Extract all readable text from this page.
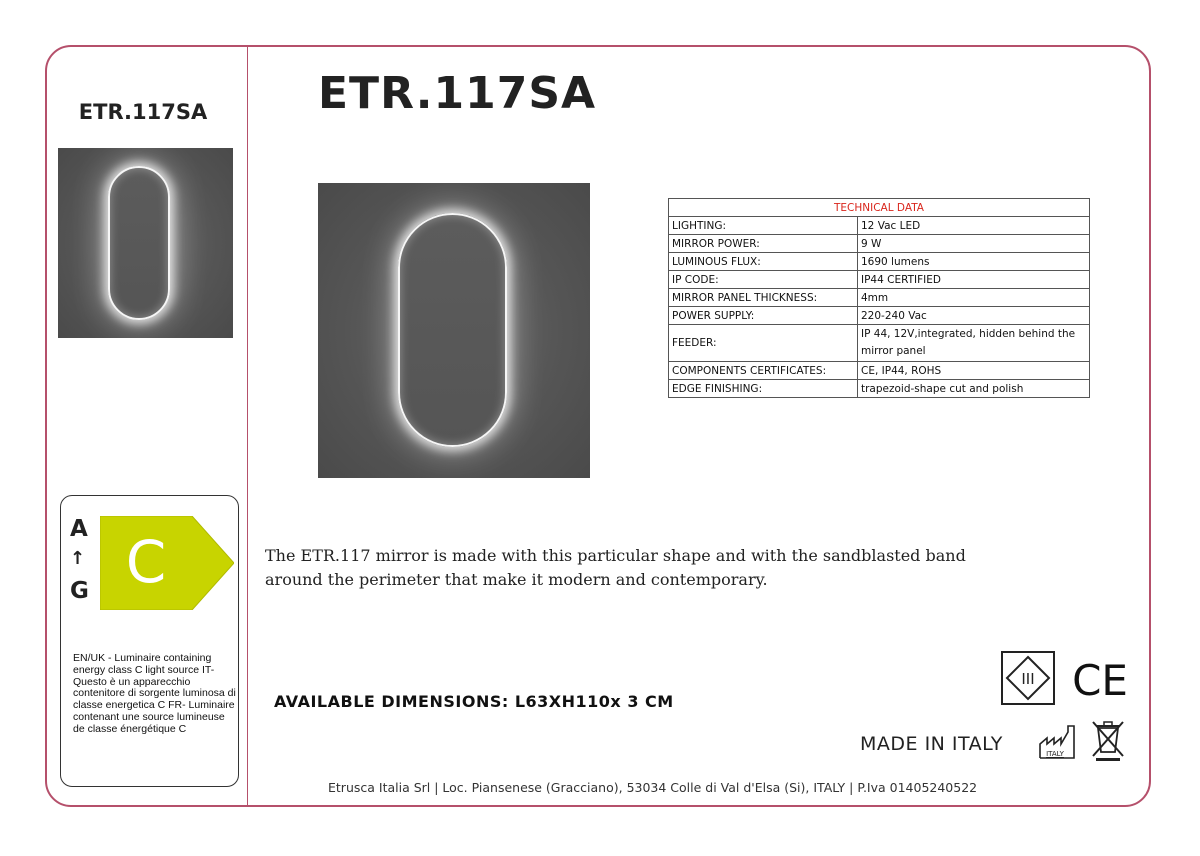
ETR.117SA
A
↑
G C
EN/UK - Luminaire containing energy class C light source IT- Questo è un apparecchio contenitore di sorgente luminosa di classe energetica C FR- Luminaire contenant une source lumineuse de classe énergétique C
ETR.117SA
TECHNICAL DATA	
LIGHTING:	12 Vac LED
MIRROR POWER:	9 W
LUMINOUS FLUX:	1690 lumens
IP CODE:	IP44 CERTIFIED
MIRROR PANEL THICKNESS:	4mm
POWER SUPPLY:	220-240 Vac
FEEDER:	IP 44, 12V,integrated, hidden behind the mirror panel
COMPONENTS CERTIFICATES:	CE, IP44, ROHS
EDGE FINISHING:	trapezoid-shape cut and polish
The ETR.117 mirror is made with this particular shape and with the sandblasted band around the perimeter that make it modern and contemporary.
AVAILABLE DIMENSIONS: L63XH110x 3 CM
III CE
MADE IN ITALY	ITALY
Etrusca Italia Srl | Loc. Piansenese (Gracciano), 53034 Colle di Val d'Elsa (Si), ITALY | P.Iva 01405240522
